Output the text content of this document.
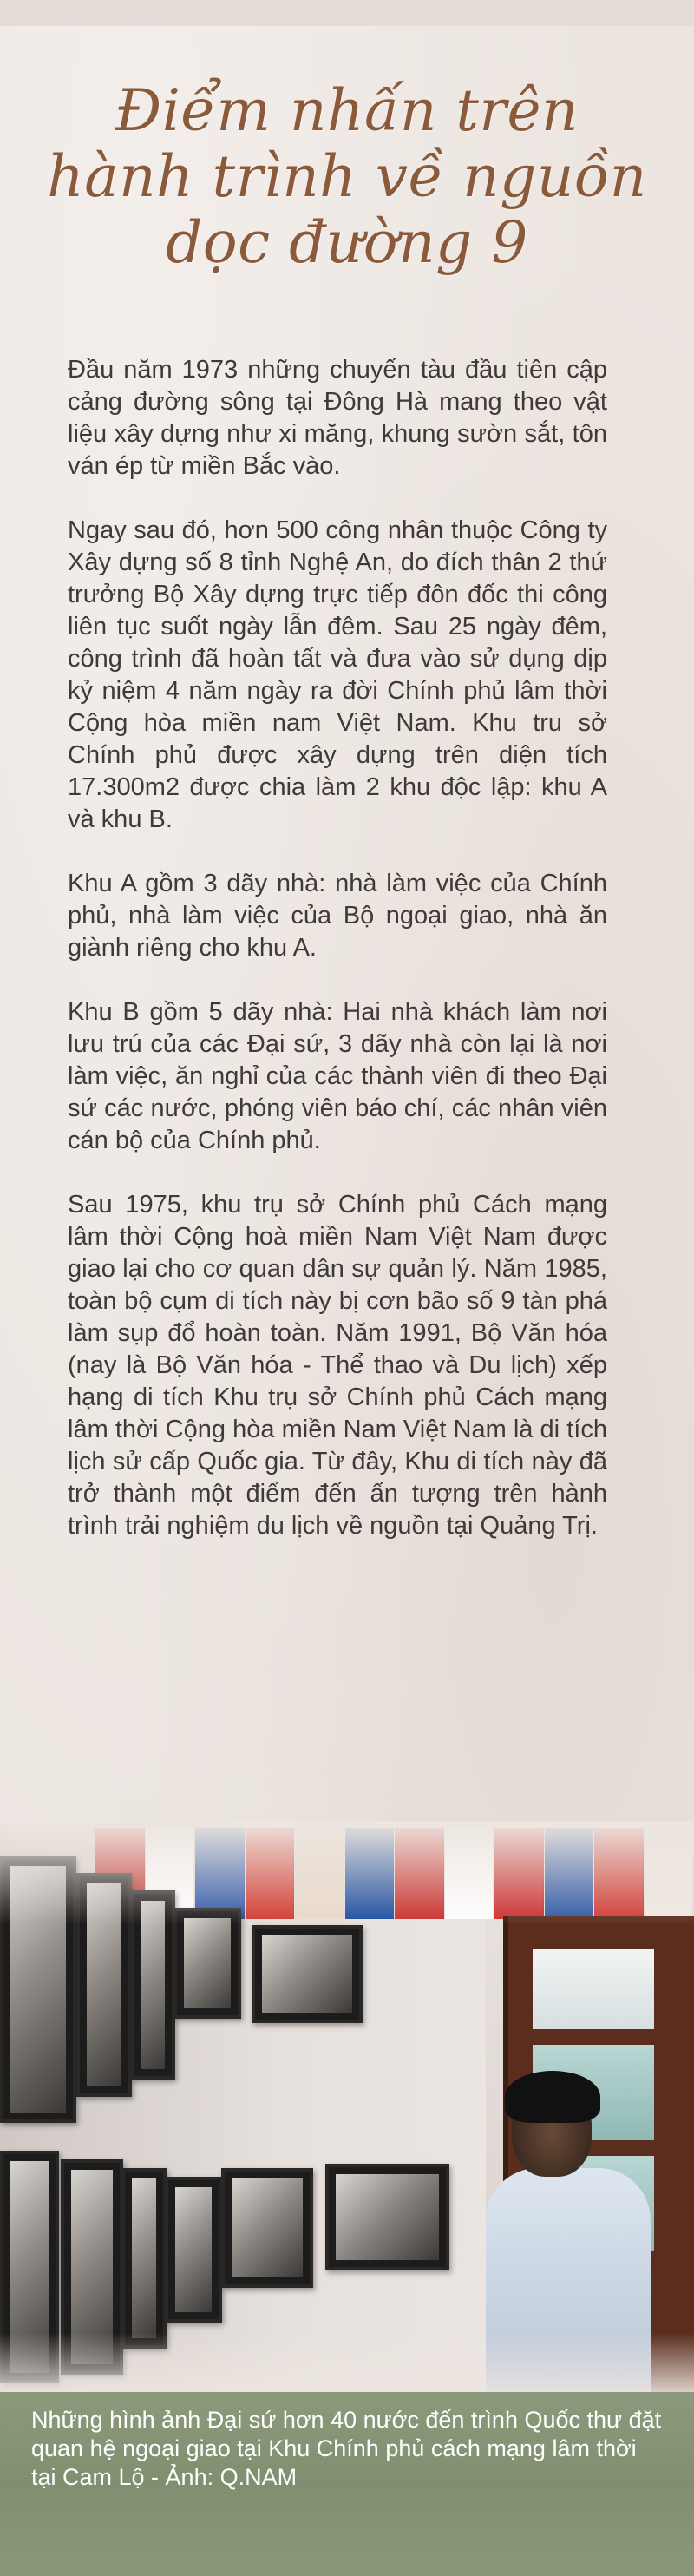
Điểm nhấn trên
hành trình về nguồn
dọc đường 9

Đầu năm 1973 những chuyến tàu đầu tiên cập cảng đường sông tại Đông Hà mang theo vật liệu xây dựng như xi măng, khung sườn sắt, tôn ván ép từ miền Bắc vào.

Ngay sau đó, hơn 500 công nhân thuộc Công ty Xây dựng số 8 tỉnh Nghệ An, do đích thân 2 thứ trưởng Bộ Xây dựng trực tiếp đôn đốc thi công liên tục suốt ngày lẫn đêm. Sau 25 ngày đêm, công trình đã hoàn tất và đưa vào sử dụng dịp kỷ niệm 4 năm ngày ra đời Chính phủ lâm thời Cộng hòa miền nam Việt Nam. Khu tru sở Chính phủ được xây dựng trên diện tích 17.300m2 được chia làm 2 khu độc lập: khu A và khu B.

Khu A gồm 3 dãy nhà: nhà làm việc của Chính phủ, nhà làm việc của Bộ ngoại giao, nhà ăn giành riêng cho khu A.

Khu B gồm 5 dãy nhà: Hai nhà khách làm nơi lưu trú của các Đại sứ, 3 dãy nhà còn lại là nơi làm việc, ăn nghỉ của các thành viên đi theo Đại sứ các nước, phóng viên báo chí, các nhân viên cán bộ của Chính phủ.

Sau 1975, khu trụ sở Chính phủ Cách mạng lâm thời Cộng hoà miền Nam Việt Nam được giao lại cho cơ quan dân sự quản lý. Năm 1985, toàn bộ cụm di tích này bị cơn bão số 9 tàn phá làm sụp đổ hoàn toàn. Năm 1991, Bộ Văn hóa (nay là Bộ Văn hóa - Thể thao và Du lịch) xếp hạng di tích Khu trụ sở Chính phủ Cách mạng lâm thời Cộng hòa miền Nam Việt Nam là di tích lịch sử cấp Quốc gia. Từ đây, Khu di tích này đã trở thành một điểm đến ấn tượng trên hành trình trải nghiệm du lịch về nguồn tại Quảng Trị.

Những hình ảnh Đại sứ hơn 40 nước đến trình Quốc thư đặt quan hệ ngoại giao tại Khu Chính phủ cách mạng lâm thời tại Cam Lộ - Ảnh: Q.NAM
